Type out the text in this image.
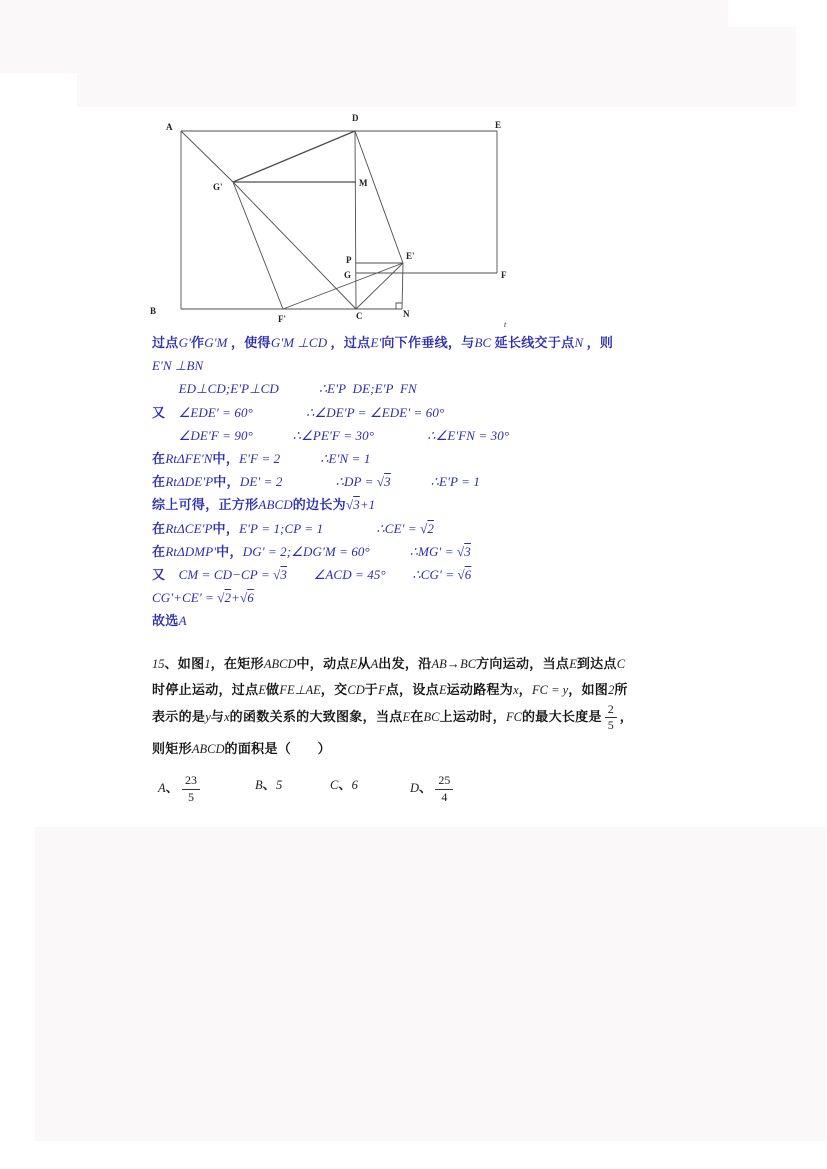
A
D
E
G'	M
P	E'
G	F
B
F'	C	N
t
过点G'作G'M ，使得G'M ⊥CD ，过点E'向下作垂线，与BC 延长线交于点N ，则
E'N ⊥BN
　　ED⊥CD;E'P⊥CD　　　	∴E'P  DE;E'P  FN
又　∠EDE' = 60°　　　　	∴∠DE'P = ∠EDE' = 60°
　　∠DE'F = 90°　　　	∴∠PE'F = 30°　　　　	∴∠E'FN = 30°
在RtΔFE'N中，E'F = 2　　　	∴E'N = 1
在RtΔDE'P中，DE' = 2　　　　	∴DP = √3　　　	∴E'P = 1
综上可得，正方形ABCD的边长为√3+1
在RtΔCE'P中，E'P = 1;CP = 1　　　　	∴CE' = √2
在RtΔDMP'中，DG' = 2;∠DG'M = 60°　　　	∴MG' = √3
又　CM = CD−CP = √3　　 ∠ACD = 45°　　 ∴CG' = √6
CG'+CE' = √2+√6
故选A
15、如图1，在矩形ABCD中，动点E从A出发，沿AB→BC方向运动，当点E到达点C
时停止运动，过点E做FE⊥AE，交CD于F点，设点E运动路程为x，FC = y，如图2所
表示的是y与x的函数关系的大致图象，当点E在BC上运动时，FC的最大长度是 $\frac{2}{5}$ ，
则矩形ABCD的面积是（　　）
A、 $\frac{23}{5}$	B、5	C、6	D、 $\frac{25}{4}$
